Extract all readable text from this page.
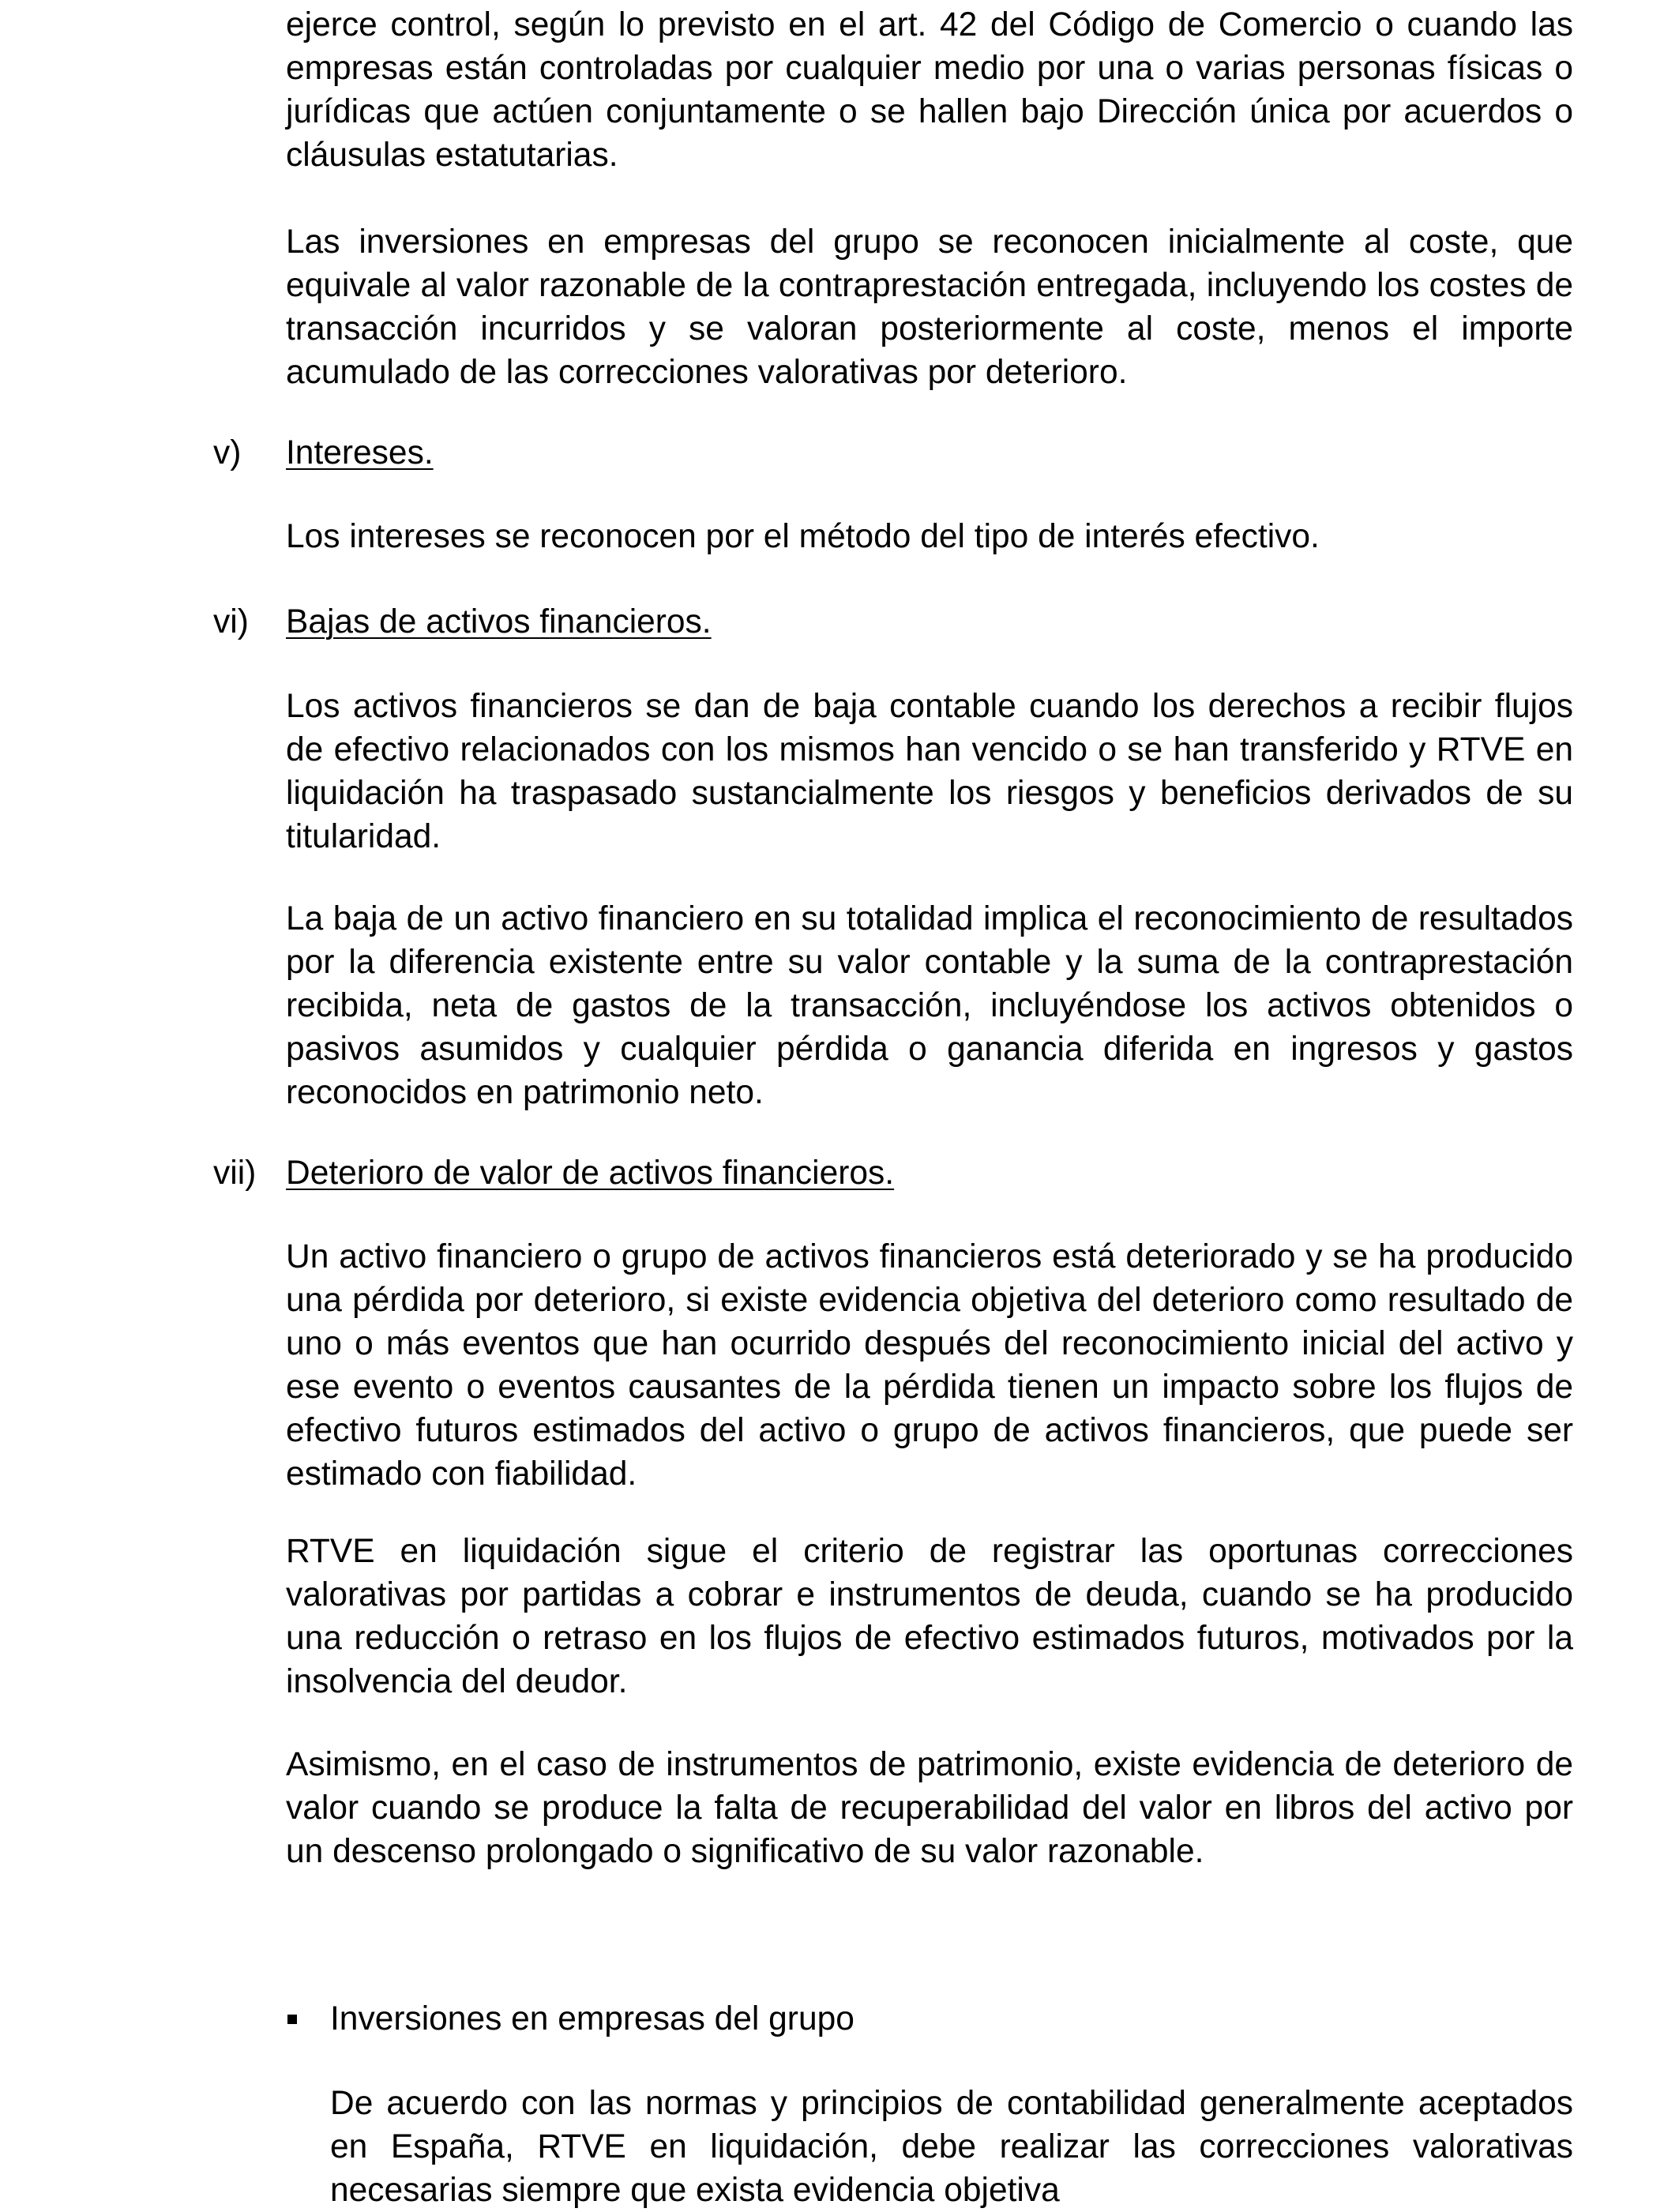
ejerce control, según lo previsto en el art. 42 del Código de Comercio o cuando las empresas están controladas por cualquier medio por una o varias personas físicas o jurídicas que actúen conjuntamente o se hallen bajo Dirección única por acuerdos o cláusulas estatutarias.

Las inversiones en empresas del grupo se reconocen inicialmente al coste, que equivale al valor razonable de la contraprestación entregada, incluyendo los costes de transacción incurridos y se valoran posteriormente al coste, menos el importe acumulado de las correcciones valorativas por deterioro.

v) Intereses.

Los intereses se reconocen por el método del tipo de interés efectivo.

vi) Bajas de activos financieros.

Los activos financieros se dan de baja contable cuando los derechos a recibir flujos de efectivo relacionados con los mismos han vencido o se han transferido y RTVE en liquidación ha traspasado sustancialmente los riesgos y beneficios derivados de su titularidad.

La baja de un activo financiero en su totalidad implica el reconocimiento de resultados por la diferencia existente entre su valor contable y la suma de la contraprestación recibida, neta de gastos de la transacción, incluyéndose los activos obtenidos o pasivos asumidos y cualquier pérdida o ganancia diferida en ingresos y gastos reconocidos en patrimonio neto.

vii) Deterioro de valor de activos financieros.

Un activo financiero o grupo de activos financieros está deteriorado y se ha producido una pérdida por deterioro, si existe evidencia objetiva del deterioro como resultado de uno o más eventos que han ocurrido después del reconocimiento inicial del activo y ese evento o eventos causantes de la pérdida tienen un impacto sobre los flujos de efectivo futuros estimados del activo o grupo de activos financieros, que puede ser estimado con fiabilidad.

RTVE en liquidación sigue el criterio de registrar las oportunas correcciones valorativas por partidas a cobrar e instrumentos de deuda, cuando se ha producido una reducción o retraso en los flujos de efectivo estimados futuros, motivados por la insolvencia del deudor.

Asimismo, en el caso de instrumentos de patrimonio, existe evidencia de deterioro de valor cuando se produce la falta de recuperabilidad del valor en libros del activo por un descenso prolongado o significativo de su valor razonable.

Inversiones en empresas del grupo

De acuerdo con las normas y principios de contabilidad generalmente aceptados en España, RTVE en liquidación, debe realizar las correcciones valorativas necesarias siempre que exista evidencia objetiva
